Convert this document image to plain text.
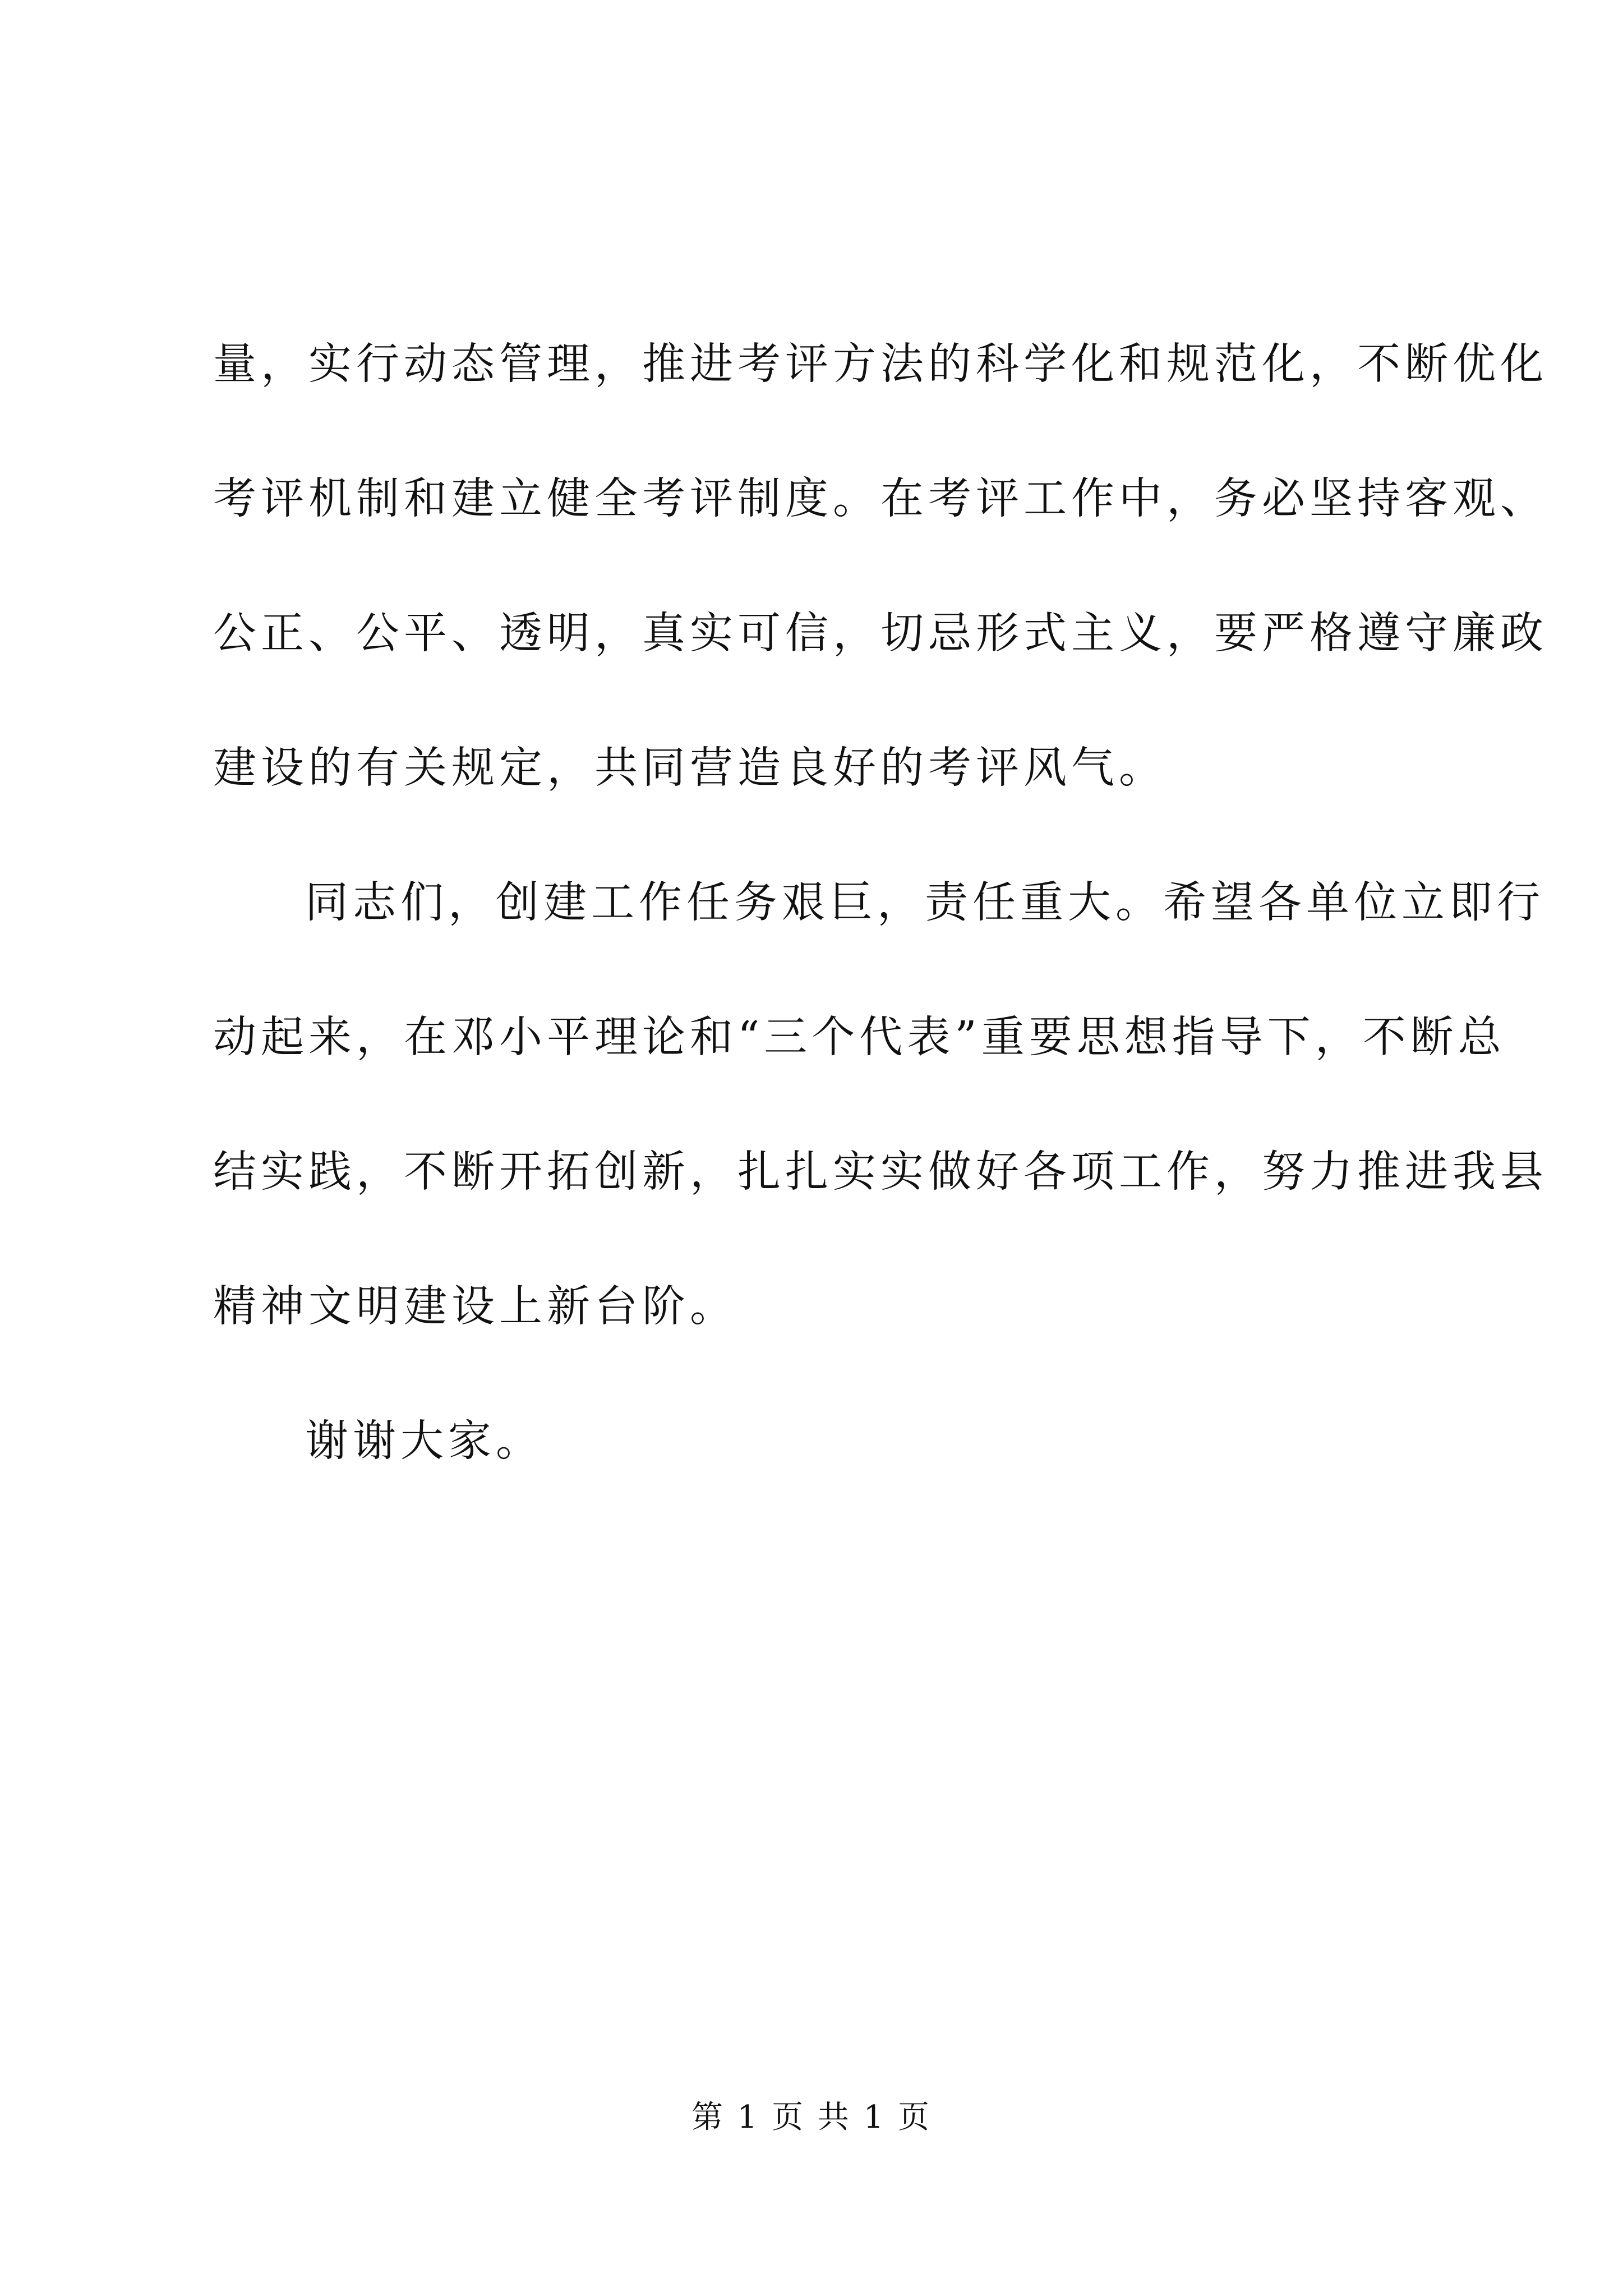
量，实行动态管理，推进考评方法的科学化和规范化，不断优化
考评机制和建立健全考评制度。在考评工作中，务必坚持客观、
公正、公平、透明，真实可信，切忌形式主义，要严格遵守廉政
建设的有关规定，共同营造良好的考评风气。
同志们，创建工作任务艰巨，责任重大。希望各单位立即行
动起来，在邓小平理论和“三个代表”重要思想指导下，不断总
结实践，不断开拓创新，扎扎实实做好各项工作，努力推进我县
精神文明建设上新台阶。
谢谢大家。
第 1 页 共 1 页
